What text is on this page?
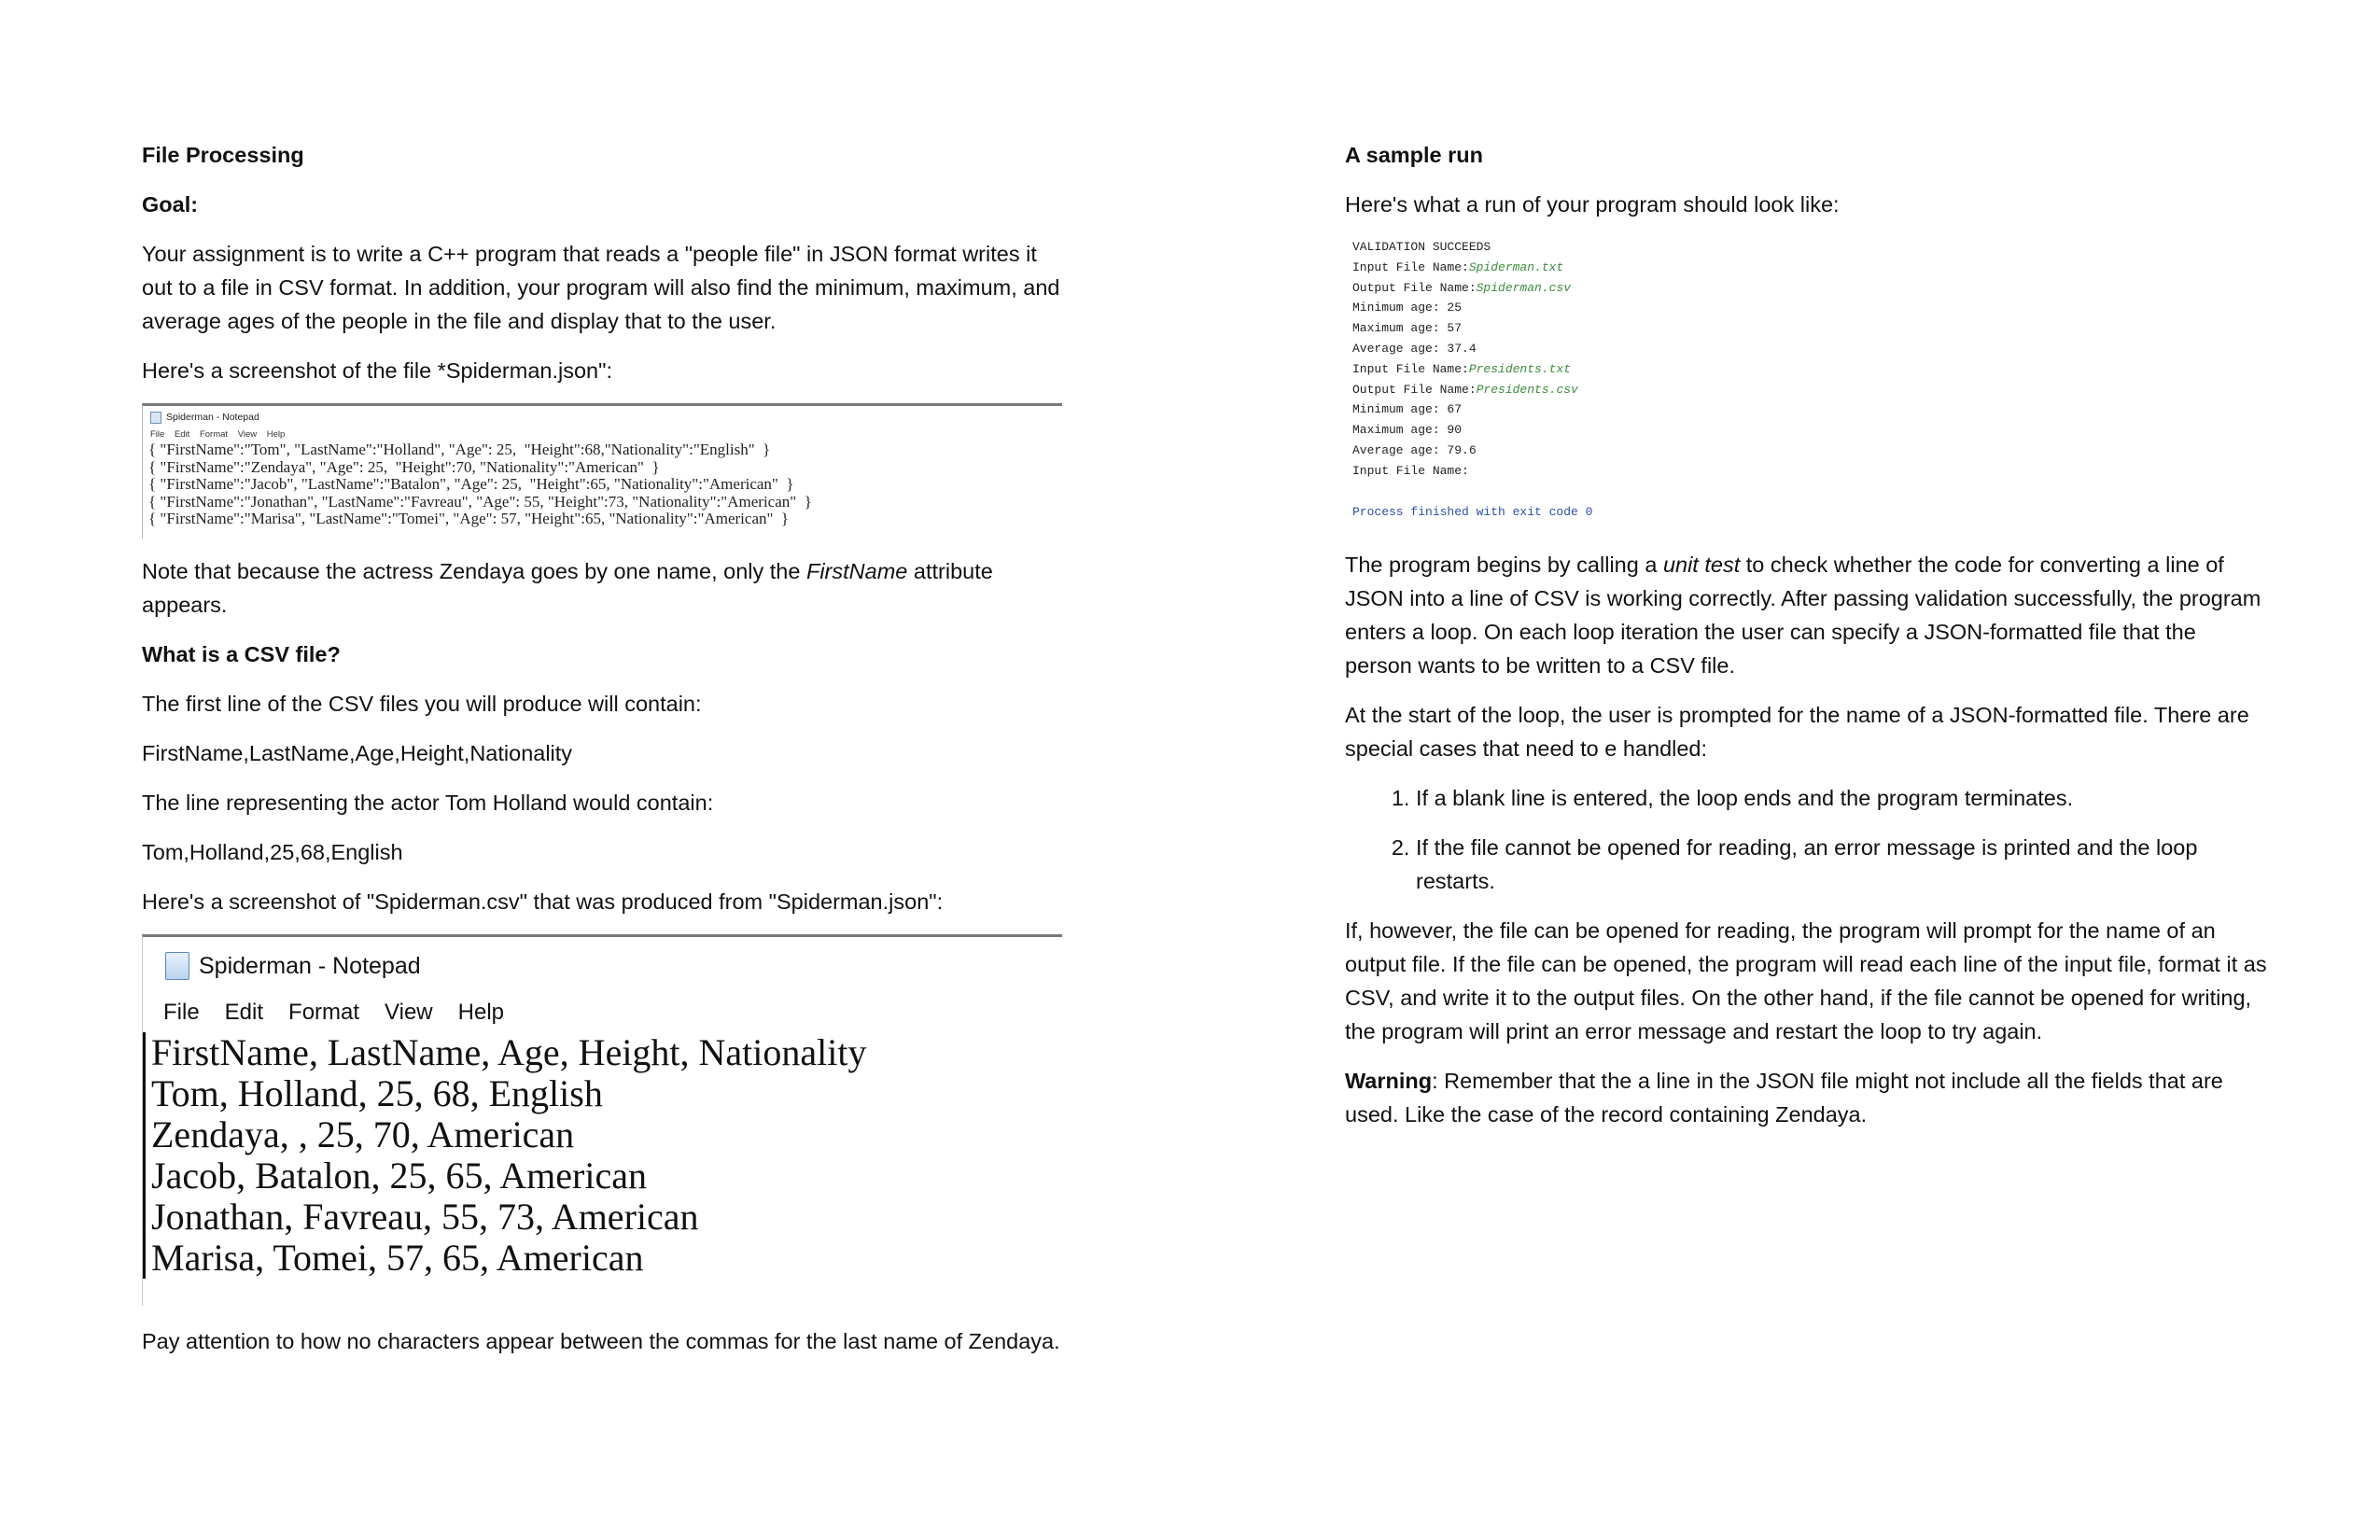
File Processing

Goal:

Your assignment is to write a C++ program that reads a "people file" in JSON format writes it out to a file in CSV format. In addition, your program will also find the minimum, maximum, and average ages of the people in the file and display that to the user.

Here's a screenshot of the file *Spiderman.json":

Spiderman - Notepad
File Edit Format View Help
{ "FirstName":"Tom", "LastName":"Holland", "Age": 25,  "Height":68,"Nationality":"English"  }
{ "FirstName":"Zendaya", "Age": 25,  "Height":70, "Nationality":"American"  }
{ "FirstName":"Jacob", "LastName":"Batalon", "Age": 25,  "Height":65, "Nationality":"American"  }
{ "FirstName":"Jonathan", "LastName":"Favreau", "Age": 55, "Height":73, "Nationality":"American"  }
{ "FirstName":"Marisa", "LastName":"Tomei", "Age": 57, "Height":65, "Nationality":"American"  }

Note that because the actress Zendaya goes by one name, only the FirstName attribute appears.

What is a CSV file?

The first line of the CSV files you will produce will contain:

FirstName,LastName,Age,Height,Nationality

The line representing the actor Tom Holland would contain:

Tom,Holland,25,68,English

Here's a screenshot of "Spiderman.csv" that was produced from "Spiderman.json":

Spiderman - Notepad
File Edit Format View Help
FirstName, LastName, Age, Height, Nationality
Tom, Holland, 25, 68, English
Zendaya, , 25, 70, American
Jacob, Batalon, 25, 65, American
Jonathan, Favreau, 55, 73, American
Marisa, Tomei, 57, 65, American

Pay attention to how no characters appear between the commas for the last name of Zendaya.

A sample run

Here's what a run of your program should look like:

VALIDATION SUCCEEDS
Input File Name:Spiderman.txt
Output File Name:Spiderman.csv
Minimum age: 25
Maximum age: 57
Average age: 37.4
Input File Name:Presidents.txt
Output File Name:Presidents.csv
Minimum age: 67
Maximum age: 90
Average age: 79.6
Input File Name:

Process finished with exit code 0

The program begins by calling a unit test to check whether the code for converting a line of JSON into a line of CSV is working correctly. After passing validation successfully, the program enters a loop. On each loop iteration the user can specify a JSON-formatted file that the person wants to be written to a CSV file.

At the start of the loop, the user is prompted for the name of a JSON-formatted file. There are special cases that need to e handled:

1. If a blank line is entered, the loop ends and the program terminates.
2. If the file cannot be opened for reading, an error message is printed and the loop restarts.

If, however, the file can be opened for reading, the program will prompt for the name of an output file. If the file can be opened, the program will read each line of the input file, format it as CSV, and write it to the output files. On the other hand, if the file cannot be opened for writing, the program will print an error message and restart the loop to try again.

Warning: Remember that the a line in the JSON file might not include all the fields that are used. Like the case of the record containing Zendaya.
